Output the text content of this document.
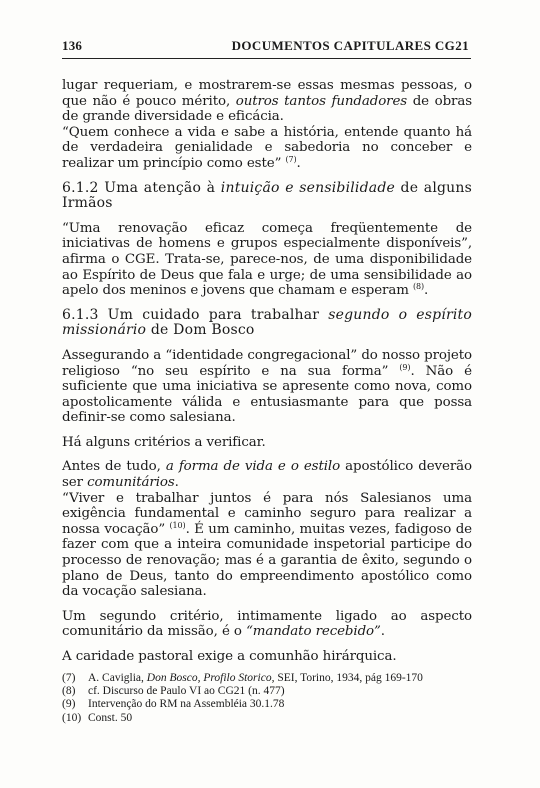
136	DOCUMENTOS CAPITULARES CG21

lugar requeriam, e mostrarem-se essas mesmas pessoas, o que não é pouco mérito, outros tantos fundadores de obras de grande diversidade e eficácia.

“Quem conhece a vida e sabe a história, entende quanto há de verdadeira genialidade e sabedoria no conceber e realizar um princípio como este” $^{(7)}$.

6.1.2 Uma atenção à intuição e sensibilidade de alguns Irmãos

“Uma renovação eficaz começa freqüentemente de iniciativas de homens e grupos especialmente disponíveis”, afirma o CGE. Trata-se, parece-nos, de uma disponibilidade ao Espírito de Deus que fala e urge; de uma sensibilidade ao apelo dos meninos e jovens que chamam e esperam $^{(8)}$.

6.1.3 Um cuidado para trabalhar segundo o espírito missionário de Dom Bosco

Assegurando a “identidade congregacional” do nosso projeto religioso “no seu espírito e na sua forma” $^{(9)}$. Não é suficiente que uma iniciativa se apresente como nova, como apostolicamente válida e entusiasmante para que possa definir-se como salesiana.

Há alguns critérios a verificar.

Antes de tudo, a forma de vida e o estilo apostólico deverão ser comunitários.

“Viver e trabalhar juntos é para nós Salesianos uma exigência fundamental e caminho seguro para realizar a nossa vocação” $^{(10)}$. É um caminho, muitas vezes, fadigoso de fazer com que a inteira comunidade inspetorial participe do processo de renovação; mas é a garantia de êxito, segundo o plano de Deus, tanto do empreendimento apostólico como da vocação salesiana.

Um segundo critério, intimamente ligado ao aspecto comunitário da missão, é o “mandato recebido”.

A caridade pastoral exige a comunhão hirárquica.

(7)	A. Caviglia, Don Bosco, Profilo Storico, SEI, Torino, 1934, pág 169-170
(8)	cf. Discurso de Paulo VI ao CG21 (n. 477)
(9)	Intervenção do RM na Assembléia 30.1.78
(10) Const. 50
